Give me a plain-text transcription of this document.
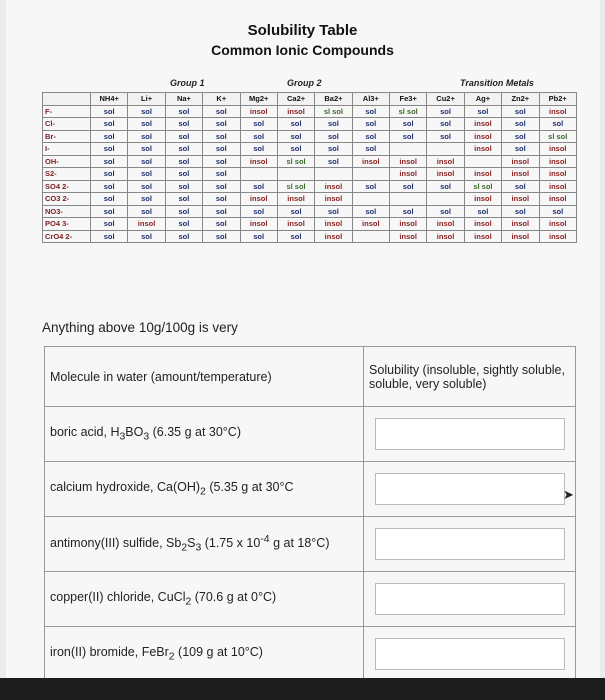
Solubility Table
Common Ionic Compounds
Group 1	Group 2	Transition Metals
	NH4+	Li+	Na+	K+	Mg2+	Ca2+	Ba2+	Al3+	Fe3+	Cu2+	Ag+	Zn2+	Pb2+
F-	sol	sol	sol	sol	insol	insol	sl sol	sol	sl sol	sol	sol	sol	insol
Cl-	sol	sol	sol	sol	sol	sol	sol	sol	sol	sol	insol	sol	sol
Br-	sol	sol	sol	sol	sol	sol	sol	sol	sol	sol	insol	sol	sl sol
I-	sol	sol	sol	sol	sol	sol	sol	sol			insol	sol	insol
OH-	sol	sol	sol	sol	insol	sl sol	sol	insol	insol	insol		insol	insol
S2-	sol	sol	sol	sol					insol	insol	insol	insol	insol
SO4 2-	sol	sol	sol	sol	sol	sl sol	insol	sol	sol	sol	sl sol	sol	insol
CO3 2-	sol	sol	sol	sol	insol	insol	insol				insol	insol	insol
NO3-	sol	sol	sol	sol	sol	sol	sol	sol	sol	sol	sol	sol	sol
PO4 3-	sol	insol	sol	sol	insol	insol	insol	insol	insol	insol	insol	insol	insol
CrO4 2-	sol	sol	sol	sol	sol	sol	insol		insol	insol	insol	insol	insol
Anything above 10g/100g is very
Molecule in water (amount/temperature)	Solubility (insoluble, sightly soluble, soluble, very soluble)
boric acid, $H_3BO_3$ (6.35 g at 30°C)	

calcium hydroxide, $Ca(OH)_2$ (5.35 g at 30°C	

antimony(III) sulfide, $Sb_2S_3$ (1.75 x $10^{-4}$ g at 18°C)	

copper(II) chloride, CuCl$_2$ (70.6 g at 0°C)	

iron(II) bromide, FeBr$_2$ (109 g at 10°C)	
➤
